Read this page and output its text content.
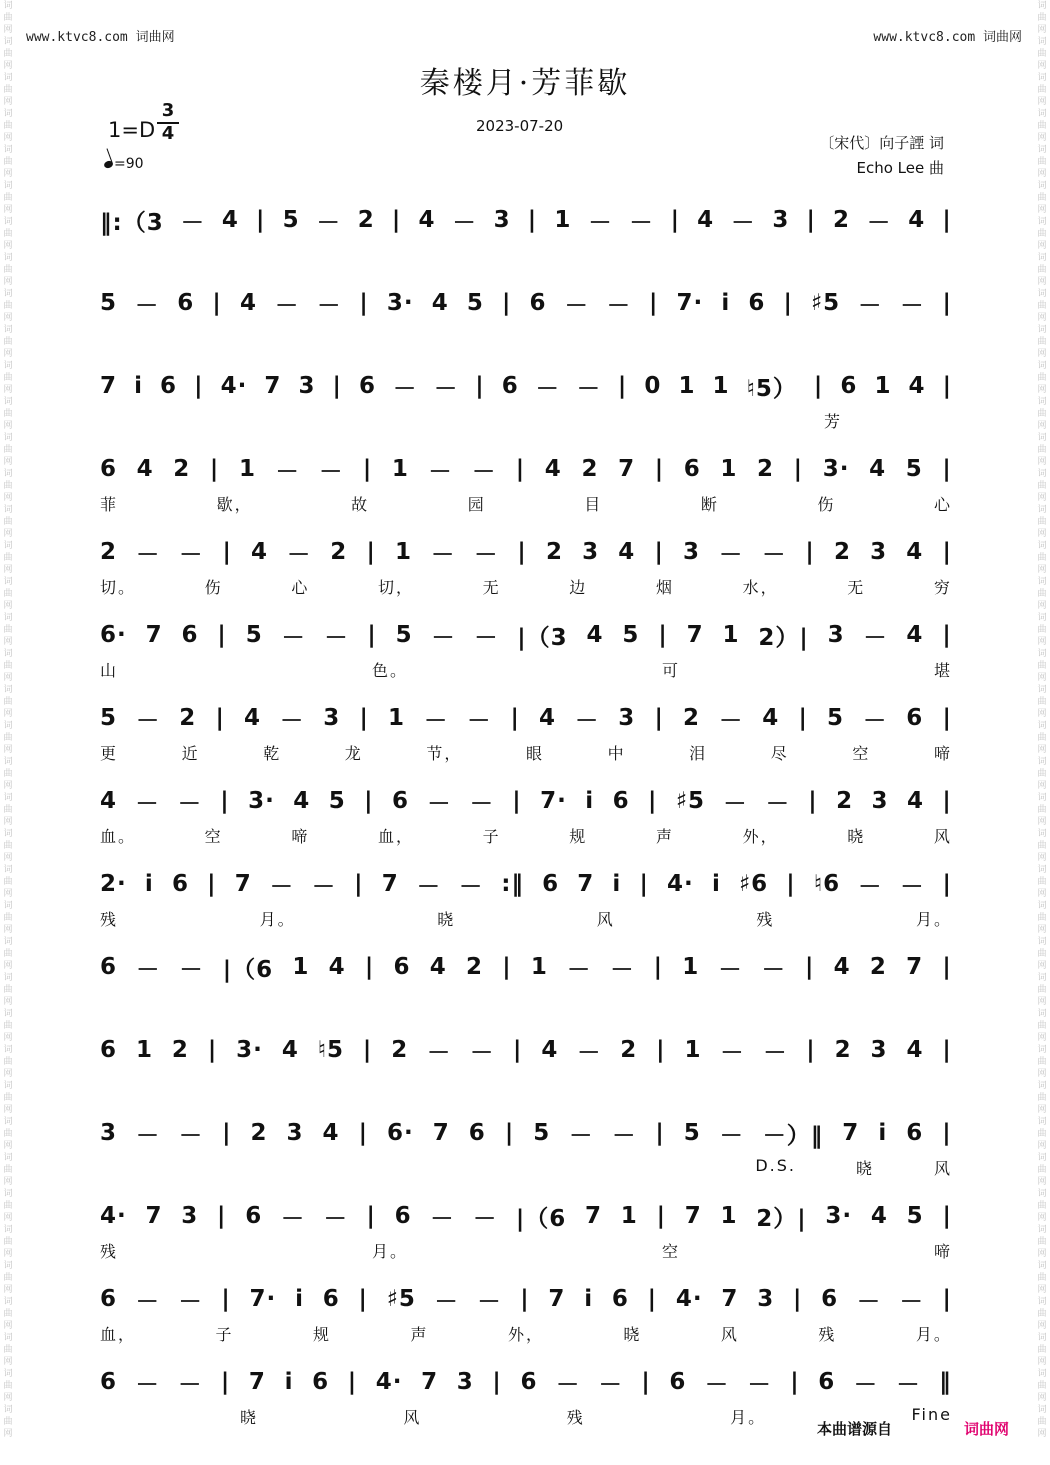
词曲网词曲网词曲网词曲网词曲网词曲网词曲网词曲网词曲网词曲网词曲网词曲网词曲网词曲网词曲网词曲网词曲网词曲网词曲网词曲网词曲网词曲网词曲网词曲网词曲网词曲网词曲网词曲网词曲网词曲网词曲网词曲网词曲网词曲网词曲网词曲网词曲网词曲网词曲网词曲网
词曲网词曲网词曲网词曲网词曲网词曲网词曲网词曲网词曲网词曲网词曲网词曲网词曲网词曲网词曲网词曲网词曲网词曲网词曲网词曲网词曲网词曲网词曲网词曲网词曲网词曲网词曲网词曲网词曲网词曲网词曲网词曲网词曲网词曲网词曲网词曲网词曲网词曲网词曲网词曲网
www.ktvc8.com 词曲网	www.ktvc8.com 词曲网
秦楼月·芳菲歇
$1=D \frac{3}{4}$
=90
2023-07-20
〔宋代〕向子諲 词
Echo Lee 曲
‖:（3 － 4 | 5 － 2 | 4 － 3 | 1 － － | 4 － 3 | 2 － 4 |
5 － 6 | 4 － － | 3· 4 5 | 6 － － | 7· i 6 | ♯5 － － |
7 i 6 | 4· 7 3 | 6 － － | 6 － － | 0 1 1 ♮5） | 6 1 4 |
芳
6 4 2 | 1 － － | 1 － － | 4 2 7 | 6 1 2 | 3· 4 5 |
菲	歇，	故	园	目	断	伤	心
2 － － | 4 － 2 | 1 － － | 2 3 4 | 3 － － | 2 3 4 |
切。	伤	心	切，	无	边	烟	水，	无	穷
6· 7 6 | 5 － － | 5 － － |（3 4 5 | 7 1 2）| 3 － 4 |
山	色。	可	堪
5 － 2 | 4 － 3 | 1 － － | 4 － 3 | 2 － 4 | 5 － 6 |
更	近	乾	龙	节，	眼	中	泪	尽	空	啼
4 － － | 3· 4 5 | 6 － － | 7· i 6 | ♯5 － － | 2 3 4 |
血。	空	啼	血，	子	规	声	外，	晓	风
2· i 6 | 7 － － | 7 － － :‖ 6 7 i | 4· i ♯6 | ♮6 － － |
残	月。	晓	风	残	月。
6 － － |（6 1 4 | 6 4 2 | 1 － － | 1 － － | 4 2 7 |
6 1 2 | 3· 4 ♮5 | 2 － － | 4 － 2 | 1 － － | 2 3 4 |
3 － － | 2 3 4 | 6· 7 6 | 5 － － | 5 － －）‖ 7 i 6 |
D.S.	晓	风
4· 7 3 | 6 － － | 6 － － |（6 7 1 | 7 1 2）| 3· 4 5 |
残	月。	空	啼
6 － － | 7· i 6 | ♯5 － － | 7 i 6 | 4· 7 3 | 6 － － |
血，	子	规	声	外，	晓	风	残	月。
6 － － | 7 i 6 | 4· 7 3 | 6 － － | 6 － － | 6 － － ‖
晓	风	残	月。	Fine
本曲谱源自	词曲网
